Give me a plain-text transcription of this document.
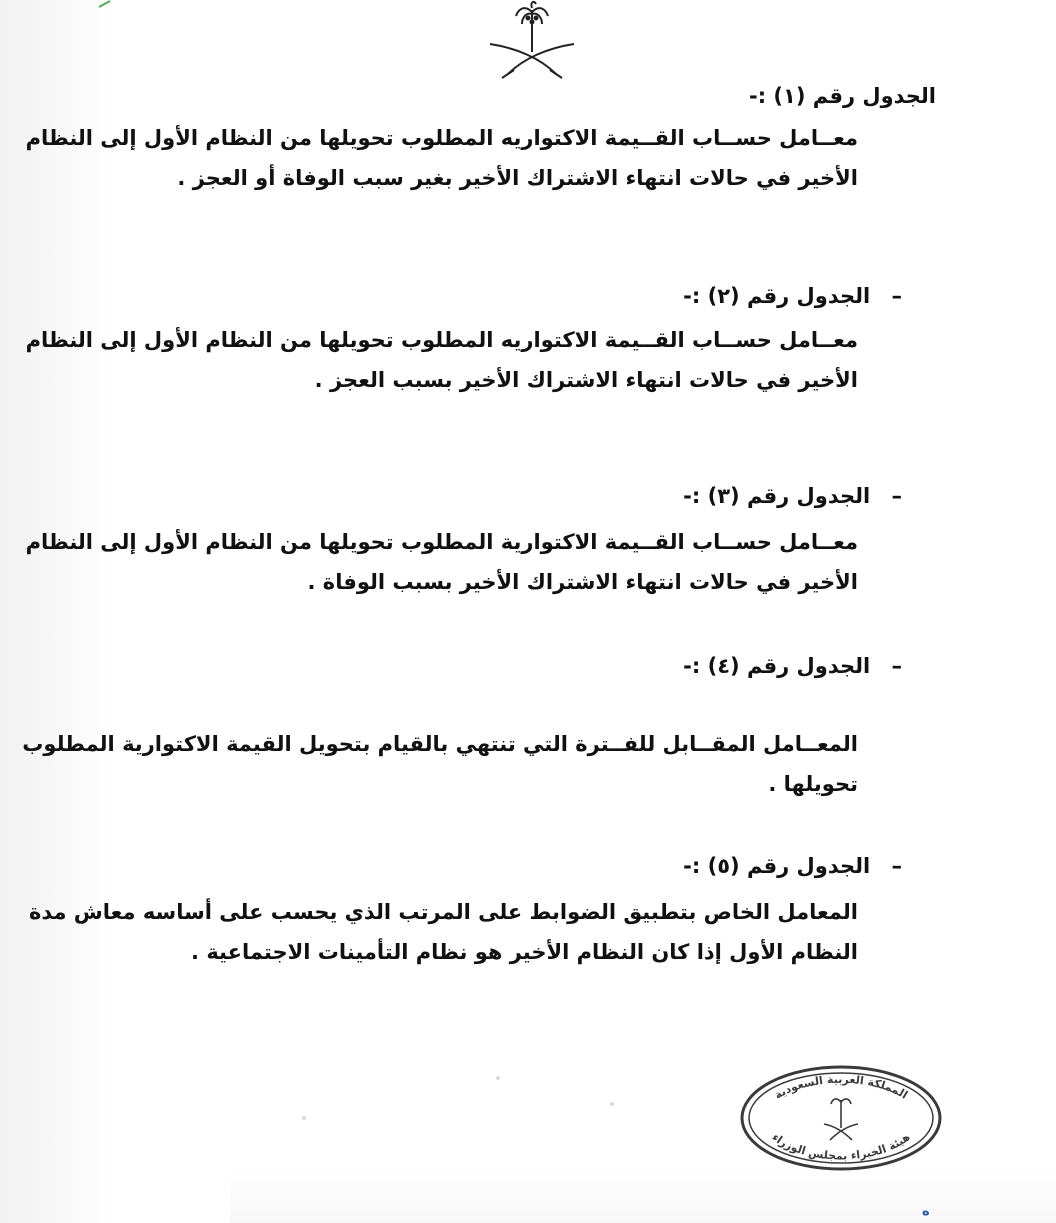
الجدول رقم (١) :-

معــامل حســاب القــيمة الاكتواريه المطلوب تحويلها من النظام الأول إلى النظام
الأخير في حالات انتهاء الاشتراك الأخير بغير سبب الوفاة أو العجز .

– الجدول رقم (٢) :-

معــامل حســاب القــيمة الاكتواريه المطلوب تحويلها من النظام الأول إلى النظام
الأخير في حالات انتهاء الاشتراك الأخير بسبب العجز .

– الجدول رقم (٣) :-

معــامل حســاب القــيمة الاكتوارية المطلوب تحويلها من النظام الأول إلى النظام
الأخير في حالات انتهاء الاشتراك الأخير بسبب الوفاة .

– الجدول رقم (٤) :-

المعــامل المقــابل للفــترة التي تنتهي بالقيام بتحويل القيمة الاكتوارية المطلوب
تحويلها .

– الجدول رقم (٥) :-

المعامل الخاص بتطبيق الضوابط على المرتب الذي يحسب على أساسه معاش مدة
النظام الأول إذا كان النظام الأخير هو نظام التأمينات الاجتماعية .
المملكة العربية السعودية
هيئة الخبراء بمجلس الوزراء
ه
